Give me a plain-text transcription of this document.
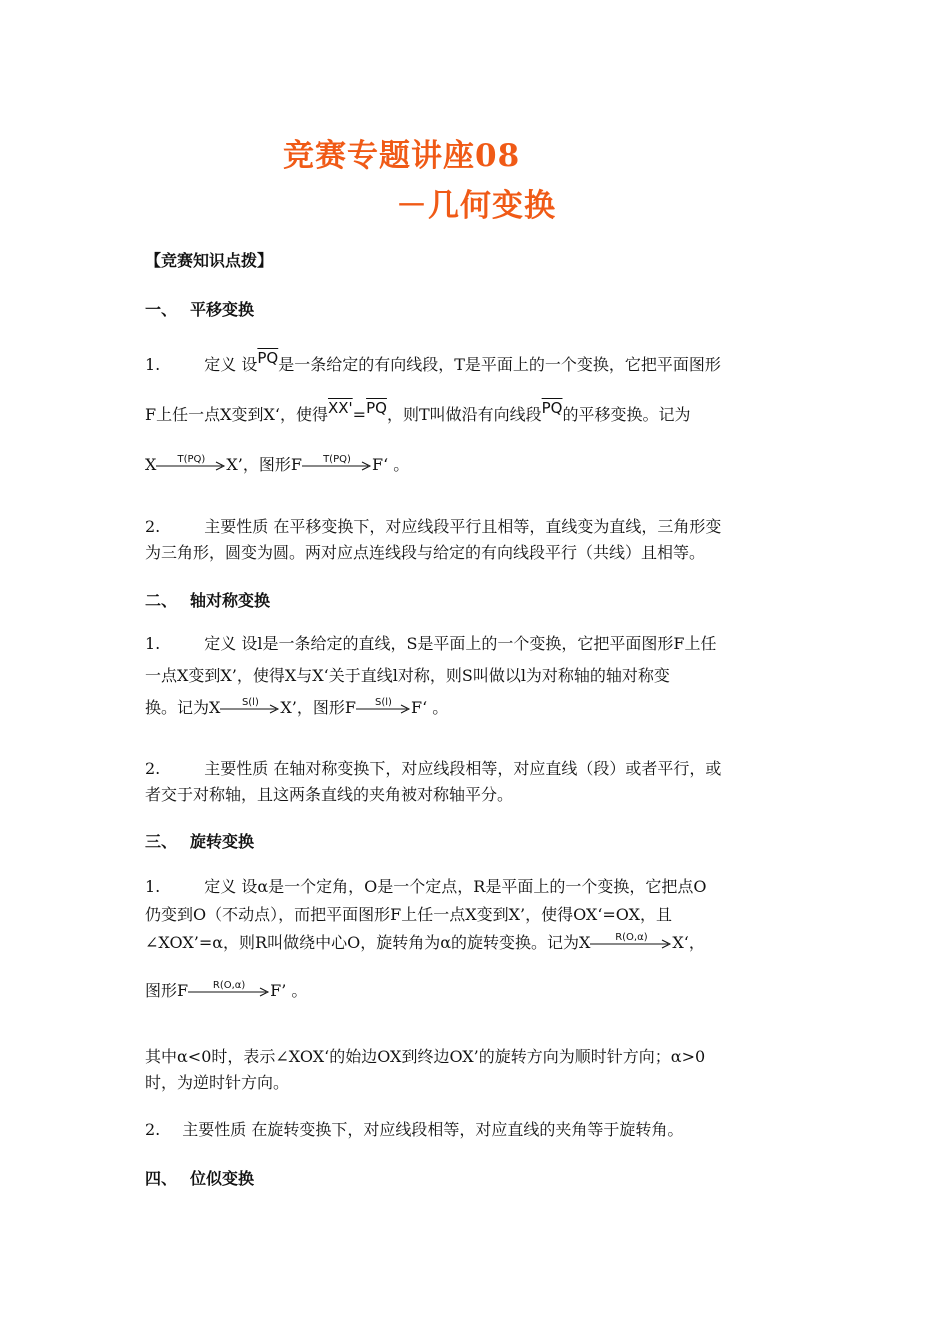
竞赛专题讲座08
－几何变换
【竞赛知识点拨】
一、 平移变换
1.	定义 设$\overline{PQ}$是一条给定的有向线段，T是平面上的一个变换，它把平面图形
F上任一点X变到X‘，使得$XX'=\overline{PQ}$，则T叫做沿有向线段$\overline{PQ}$的平移变换。记为
X	T(PQ)	X’，图形F	T(PQ)	F‘ 。
2.	主要性质 在平移变换下，对应线段平行且相等，直线变为直线，三角形变
为三角形，圆变为圆。两对应点连线段与给定的有向线段平行（共线）且相等。
二、 轴对称变换
1.	定义 设l是一条给定的直线，S是平面上的一个变换，它把平面图形F上任
一点X变到X’，使得X与X‘关于直线l对称，则S叫做以l为对称轴的轴对称变
换。记为X	S(l)	X’，图形F	S(l)	F‘ 。
2.	主要性质 在轴对称变换下，对应线段相等，对应直线（段）或者平行，或
者交于对称轴，且这两条直线的夹角被对称轴平分。
三、 旋转变换
1.	定义 设α是一个定角，O是一个定点，R是平面上的一个变换，它把点O
仍变到O（不动点），而把平面图形F上任一点X变到X’，使得OX‘=OX，且
∠XOX’=α，则R叫做绕中心O，旋转角为α的旋转变换。记为X	R(O,α)	X‘，
图形F	R(O,α)	F’ 。
其中α<0时，表示∠XOX‘的始边OX到终边OX’的旋转方向为顺时针方向；α>0
时，为逆时针方向。
2. 主要性质 在旋转变换下，对应线段相等，对应直线的夹角等于旋转角。
四、 位似变换
